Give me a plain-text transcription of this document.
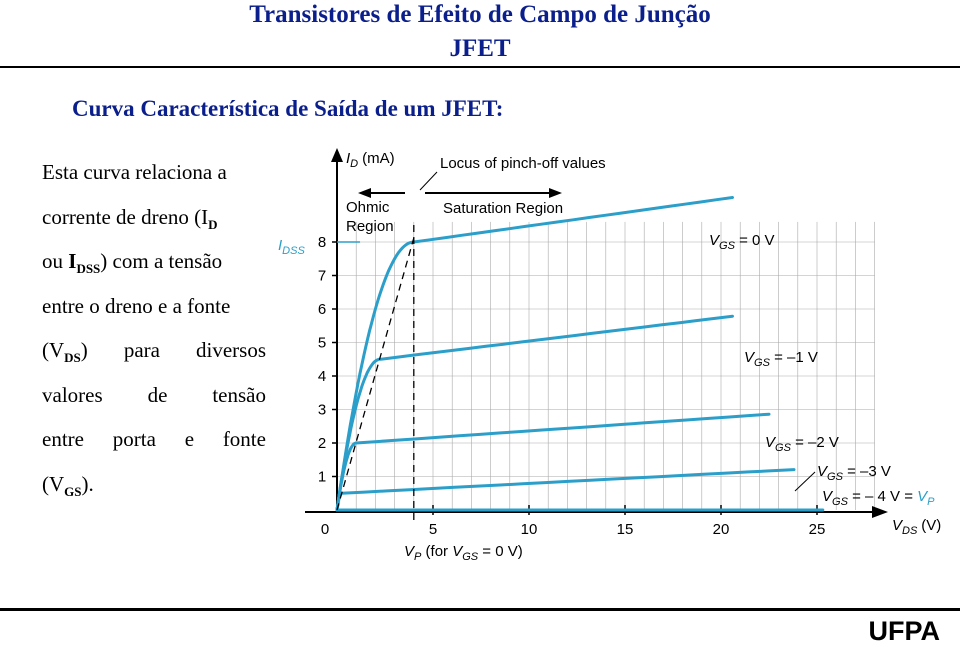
Transistores de Efeito de Campo de Junção
JFET
Curva Característica de Saída de um JFET:
Esta curva relaciona a
corrente de dreno ($I_D$
ou $I_{DSS}$) com a tensão
entre o dreno e a fonte
$(V_{DS})$ para diversos
valores de tensão
entre porta e fonte
$(V_{GS})$.
0	5	10	15	20	25
1
2
3
4
5
6
7
8
$I_D$ (mA)
$V_{DS}$ (V)
$I_{DSS}$
Locus of pinch-off values
Ohmic
Region
Saturation Region
$V_P$ (for $V_{GS} = 0$ V)
$V_{GS} = 0$ V
$V_{GS} = -1$ V
$V_{GS} = -2$ V
$V_{GS} = -3$ V
$V_{GS}$ = – 4 $V = V_P$
UFPA
